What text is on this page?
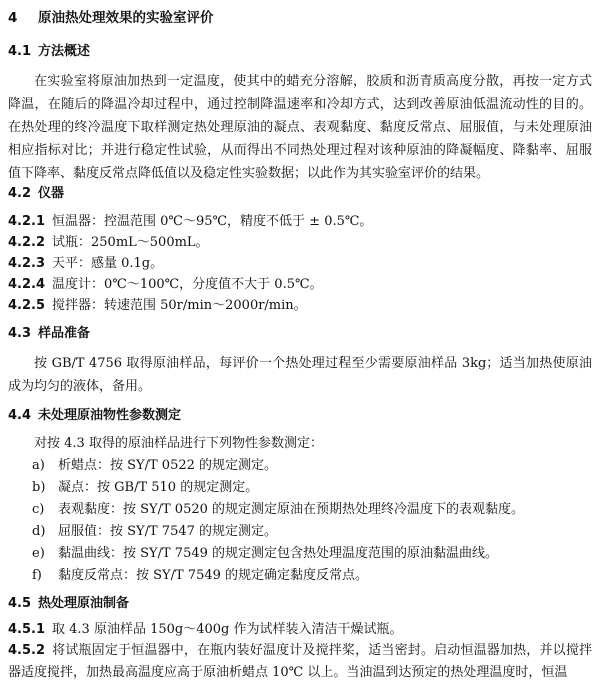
4 原油热处理效果的实验室评价
4.1 方法概述
在实验室将原油加热到一定温度，使其中的蜡充分溶解，胶质和沥青质高度分散，再按一定方式降温，在随后的降温冷却过程中，通过控制降温速率和冷却方式，达到改善原油低温流动性的目的。在热处理的终冷温度下取样测定热处理原油的凝点、表观黏度、黏度反常点、屈服值，与未处理原油相应指标对比；并进行稳定性试验，从而得出不同热处理过程对该种原油的降凝幅度、降黏率、屈服值下降率、黏度反常点降低值以及稳定性实验数据；以此作为其实验室评价的结果。
4.2 仪器
4.2.1 恒温器：控温范围 0℃～95℃，精度不低于 ± 0.5℃。
4.2.2 试瓶：250mL～500mL。
4.2.3 天平：感量 0.1g。
4.2.4 温度计：0℃～100℃，分度值不大于 0.5℃。
4.2.5 搅拌器：转速范围 50r/min～2000r/min。
4.3 样品准备
按 GB/T 4756 取得原油样品，每评价一个热处理过程至少需要原油样品 3kg；适当加热使原油成为均匀的液体，备用。
4.4 未处理原油物性参数测定
对按 4.3 取得的原油样品进行下列物性参数测定：
a) 析蜡点：按 SY/T 0522 的规定测定。
b) 凝点：按 GB/T 510 的规定测定。
c) 表观黏度：按 SY/T 0520 的规定测定原油在预期热处理终冷温度下的表观黏度。
d) 屈服值：按 SY/T 7547 的规定测定。
e) 黏温曲线：按 SY/T 7549 的规定测定包含热处理温度范围的原油黏温曲线。
f) 黏度反常点：按 SY/T 7549 的规定确定黏度反常点。
4.5 热处理原油制备
4.5.1 取 4.3 原油样品 150g～400g 作为试样装入清洁干燥试瓶。
4.5.2 将试瓶固定于恒温器中，在瓶内装好温度计及搅拌桨，适当密封。启动恒温器加热，并以搅拌器适度搅拌，加热最高温度应高于原油析蜡点 10℃ 以上。当油温到达预定的热处理温度时，恒温
